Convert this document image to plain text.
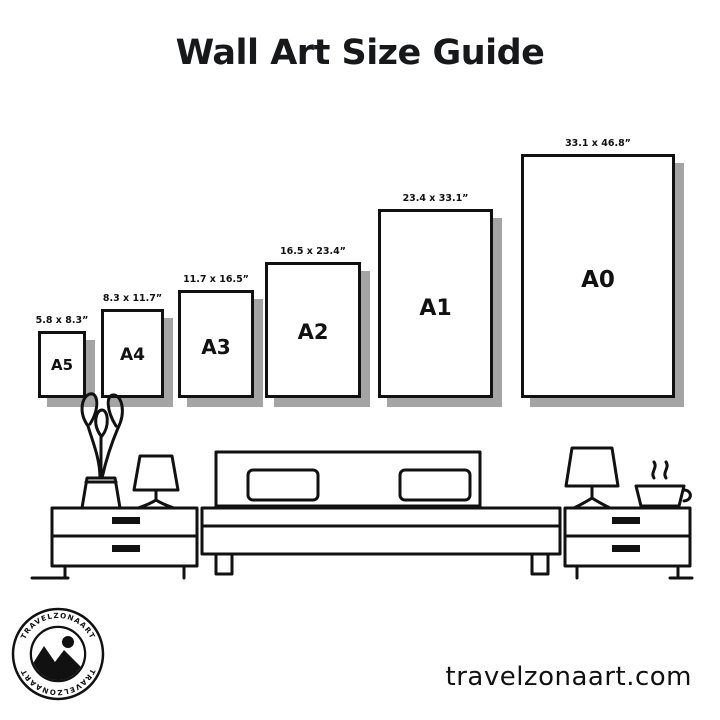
Wall Art Size Guide
5.8 x 8.3”
A5
8.3 x 11.7”
A4
11.7 x 16.5”
A3
16.5 x 23.4”
A2
23.4 x 33.1”
A1
33.1 x 46.8”
A0
TRAVELZONAART
TRAVELZONAART	travelzonaart.com
